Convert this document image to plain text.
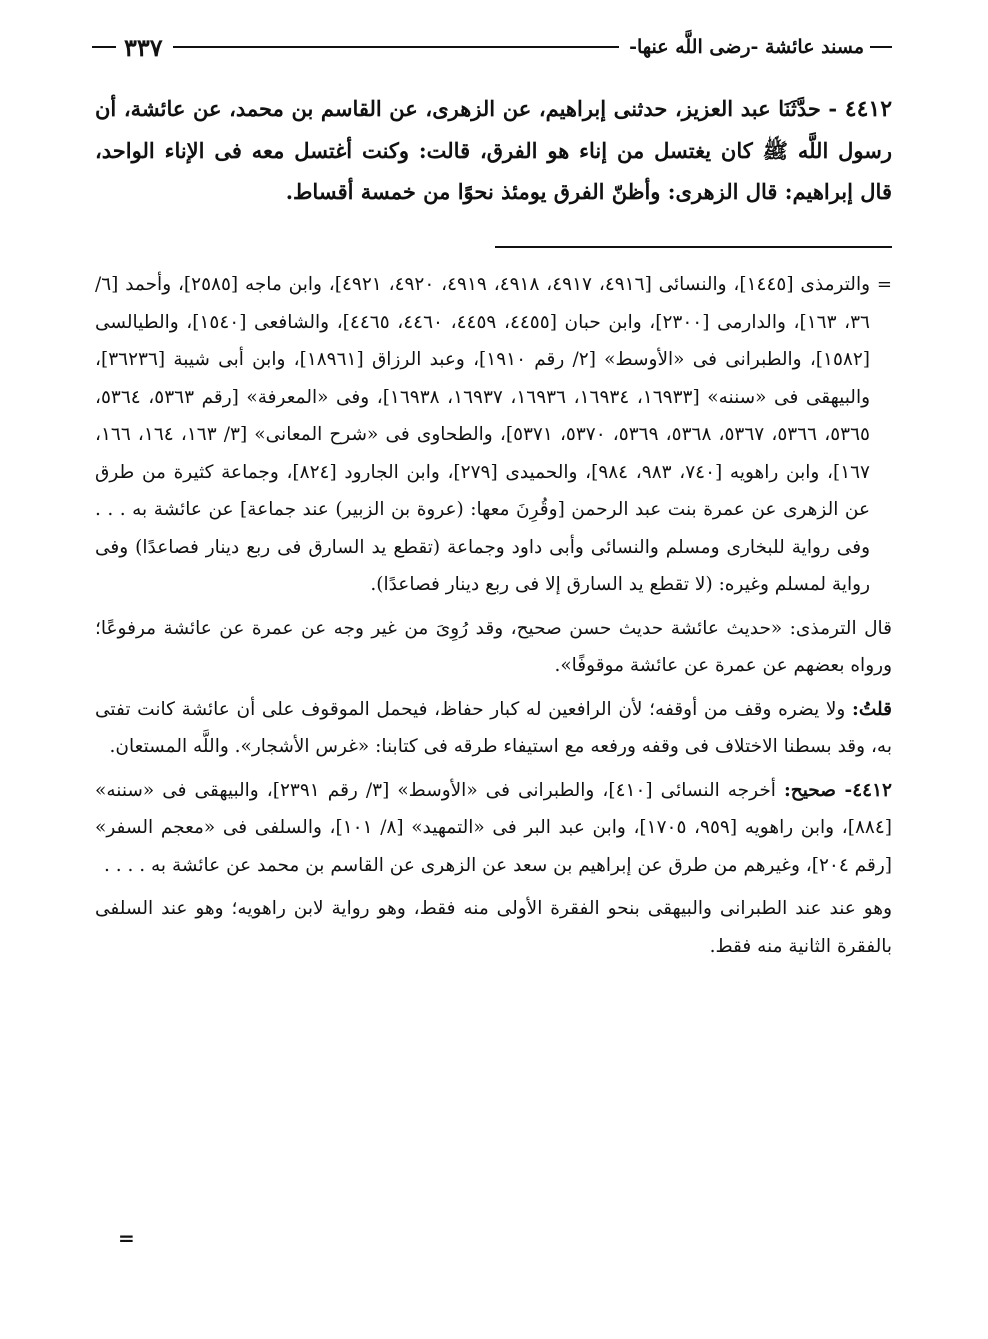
مسند عائشة -رضى اللَّه عنها-
٣٣٧
٤٤١٢ - حدَّثَنَا عبد العزيز، حدثنى إبراهيم، عن الزهرى، عن القاسم بن محمد، عن عائشة، أن رسول اللَّه ﷺ كان يغتسل من إناء هو الفرق، قالت: وكنت أغتسل معه فى الإناء الواحد، قال إبراهيم: قال الزهرى: وأظنّ الفرق يومئذ نحوًا من خمسة أقساط.

=
والترمذى [١٤٤٥]، والنسائى [٤٩١٦، ٤٩١٧، ٤٩١٨، ٤٩١٩، ٤٩٢٠، ٤٩٢١]، وابن ماجه [٢٥٨٥]، وأحمد [٦/ ٣٦، ١٦٣]، والدارمى [٢٣٠٠]، وابن حبان [٤٤٥٥، ٤٤٥٩، ٤٤٦٠، ٤٤٦٥]، والشافعى [١٥٤٠]، والطيالسى [١٥٨٢]، والطبرانى فى «الأوسط» [٢/ رقم ١٩١٠]، وعبد الرزاق [١٨٩٦١]، وابن أبى شيبة [٣٦٢٣٦]، والبيهقى فى «سننه» [١٦٩٣٣، ١٦٩٣٤، ١٦٩٣٦، ١٦٩٣٧، ١٦٩٣٨]، وفى «المعرفة» [رقم ٥٣٦٣، ٥٣٦٤، ٥٣٦٥، ٥٣٦٦، ٥٣٦٧، ٥٣٦٨، ٥٣٦٩، ٥٣٧٠، ٥٣٧١]، والطحاوى فى «شرح المعانى» [٣/ ١٦٣، ١٦٤، ١٦٦، ١٦٧]، وابن راهويه [٧٤٠، ٩٨٣، ٩٨٤]، والحميدى [٢٧٩]، وابن الجارود [٨٢٤]، وجماعة كثيرة من طرق عن الزهرى عن عمرة بنت عبد الرحمن [وقُرِنَ معها: (عروة بن الزبير) عند جماعة] عن عائشة به . . . وفى رواية للبخارى ومسلم والنسائى وأبى داود وجماعة (تقطع يد السارق فى ربع دينار فصاعدًا) وفى رواية لمسلم وغيره: (لا تقطع يد السارق إلا فى ربع دينار فصاعدًا).

قال الترمذى: «حديث عائشة حديث حسن صحيح، وقد رُوِىَ من غير وجه عن عمرة عن عائشة مرفوعًا؛ ورواه بعضهم عن عمرة عن عائشة موقوفًا».

قلتُ: ولا يضره وقف من أوقفه؛ لأن الرافعين له كبار حفاظ، فيحمل الموقوف على أن عائشة كانت تفتى به، وقد بسطنا الاختلاف فى وقفه ورفعه مع استيفاء طرقه فى كتابنا: «غرس الأشجار». واللَّه المستعان.

٤٤١٢- صحيح: أخرجه النسائى [٤١٠]، والطبرانى فى «الأوسط» [٣/ رقم ٢٣٩١]، والبيهقى فى «سننه» [٨٨٤]، وابن راهويه [٩٥٩، ١٧٠٥]، وابن عبد البر فى «التمهيد» [٨/ ١٠١]، والسلفى فى «معجم السفر» [رقم ٢٠٤]، وغيرهم من طرق عن إبراهيم بن سعد عن الزهرى عن القاسم بن محمد عن عائشة به . . . .

وهو عند عند الطبرانى والبيهقى بنحو الفقرة الأولى منه فقط، وهو رواية لابن راهويه؛ وهو عند السلفى بالفقرة الثانية منه فقط.

=
